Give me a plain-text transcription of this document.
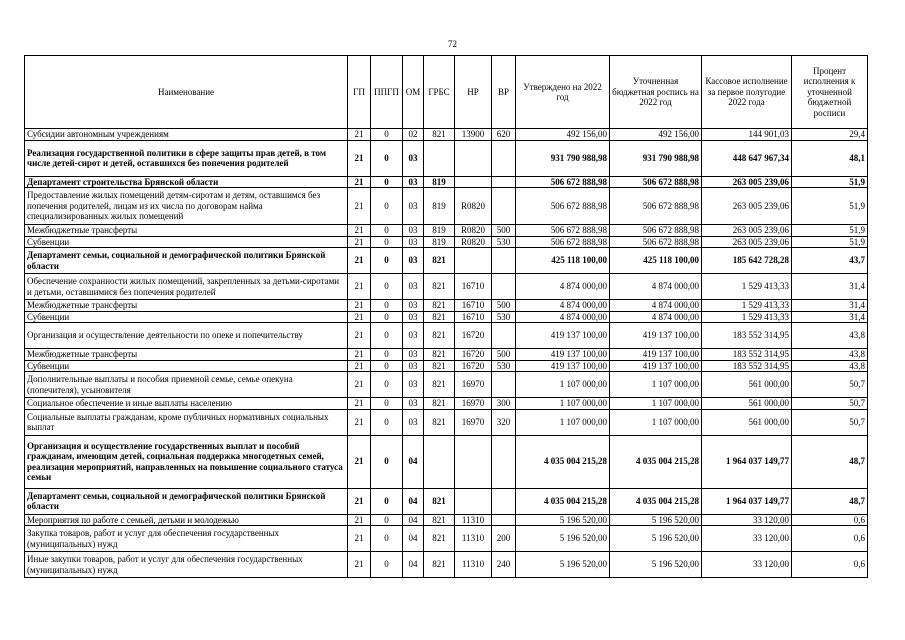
72
Наименование	ГП	ППГП	ОМ	ГРБС	НР	ВР	Утверждено на 2022 год	Уточненная бюджетная роспись на 2022 год	Кассовое исполнение за первое полугодие 2022 года	Процент исполнения к уточненной бюджетной росписи
Субсидии автономным учреждениям	21	0	02	821	13900	620	492 156,00	492 156,00	144 901,03	29,4
Реализация государственной политики в сфере защиты прав детей, в том числе детей-сирот и детей, оставшихся без попечения родителей	21	0	03				931 790 988,98	931 790 988,98	448 647 967,34	48,1
Департамент строительства Брянской области	21	0	03	819			506 672 888,98	506 672 888,98	263 005 239,06	51,9
Предоставление жилых помещений детям-сиротам и детям, оставшимся без попечения родителей, лицам из их числа по договорам найма специализированных жилых помещений	21	0	03	819	R0820		506 672 888,98	506 672 888,98	263 005 239,06	51,9
Межбюджетные трансферты	21	0	03	819	R0820	500	506 672 888,98	506 672 888,98	263 005 239,06	51,9
Субвенции	21	0	03	819	R0820	530	506 672 888,98	506 672 888,98	263 005 239,06	51,9
Департамент семьи, социальной и демографической политики Брянской области	21	0	03	821			425 118 100,00	425 118 100,00	185 642 728,28	43,7
Обеспечение сохранности жилых помещений, закрепленных за детьми-сиротами и детьми, оставшимися без попечения родителей	21	0	03	821	16710		4 874 000,00	4 874 000,00	1 529 413,33	31,4
Межбюджетные трансферты	21	0	03	821	16710	500	4 874 000,00	4 874 000,00	1 529 413,33	31,4
Субвенции	21	0	03	821	16710	530	4 874 000,00	4 874 000,00	1 529 413,33	31,4
Организация и осуществление деятельности по опеке и попечительству	21	0	03	821	16720		419 137 100,00	419 137 100,00	183 552 314,95	43,8
Межбюджетные трансферты	21	0	03	821	16720	500	419 137 100,00	419 137 100,00	183 552 314,95	43,8
Субвенции	21	0	03	821	16720	530	419 137 100,00	419 137 100,00	183 552 314,95	43,8
Дополнительные выплаты и пособия приемной семье, семье опекуна (попечителя), усыновителя	21	0	03	821	16970		1 107 000,00	1 107 000,00	561 000,00	50,7
Социальное обеспечение и иные выплаты населению	21	0	03	821	16970	300	1 107 000,00	1 107 000,00	561 000,00	50,7
Социальные выплаты гражданам, кроме публичных нормативных социальных выплат	21	0	03	821	16970	320	1 107 000,00	1 107 000,00	561 000,00	50,7
Организация и осуществление государственных выплат и пособий гражданам, имеющим детей, социальная поддержка многодетных семей, реализация мероприятий, направленных на повышение социального статуса семьи	21	0	04				4 035 004 215,28	4 035 004 215,28	1 964 037 149,77	48,7
Департамент семьи, социальной и демографической политики Брянской области	21	0	04	821			4 035 004 215,28	4 035 004 215,28	1 964 037 149,77	48,7
Мероприятия по работе с семьей, детьми и молодежью	21	0	04	821	11310		5 196 520,00	5 196 520,00	33 120,00	0,6
Закупка товаров, работ и услуг для обеспечения государственных (муниципальных) нужд	21	0	04	821	11310	200	5 196 520,00	5 196 520,00	33 120,00	0,6
Иные закупки товаров, работ и услуг для обеспечения государственных (муниципальных) нужд	21	0	04	821	11310	240	5 196 520,00	5 196 520,00	33 120,00	0,6
